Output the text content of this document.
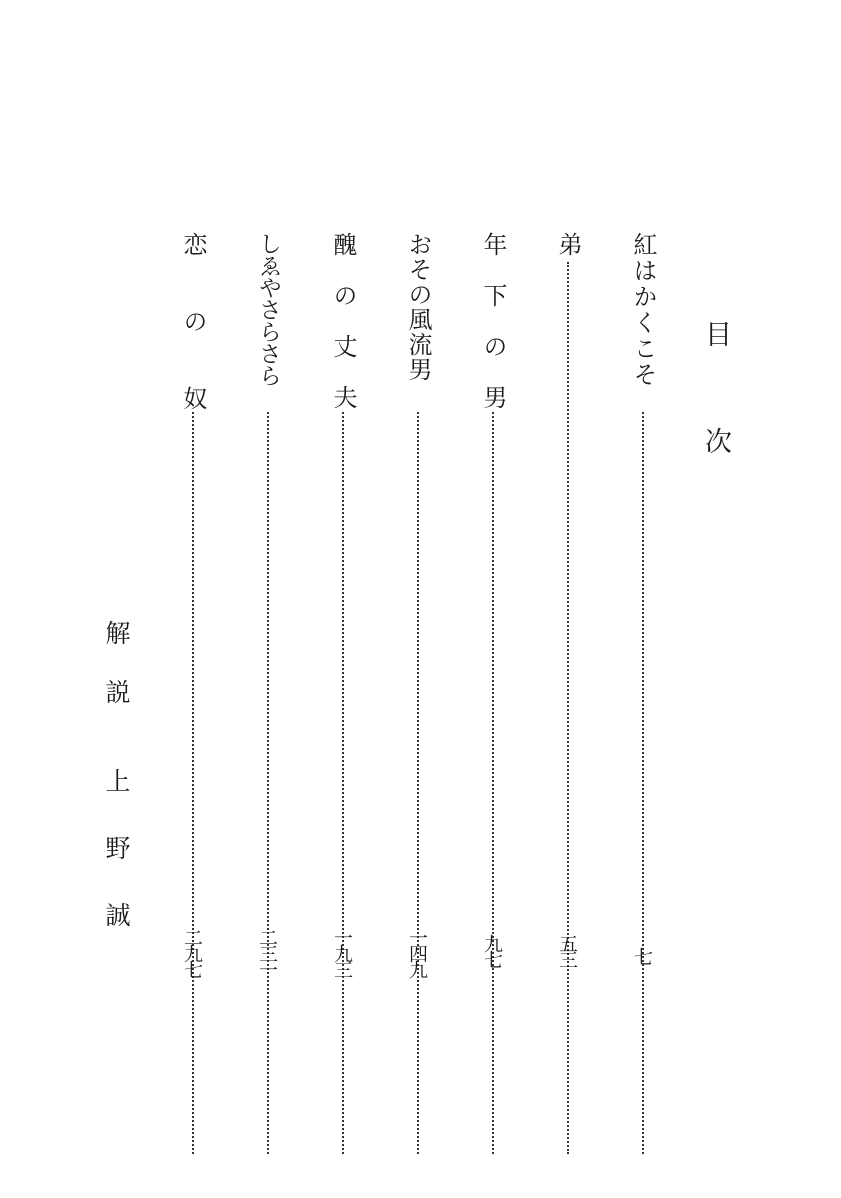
目次
紅はかくこそ
七
弟
五三
年下の男
九七
おその風流男
一四九
醜の丈夫
一九三
しゑやさらさら
二三一
恋の奴
二九七
解説上野誠
